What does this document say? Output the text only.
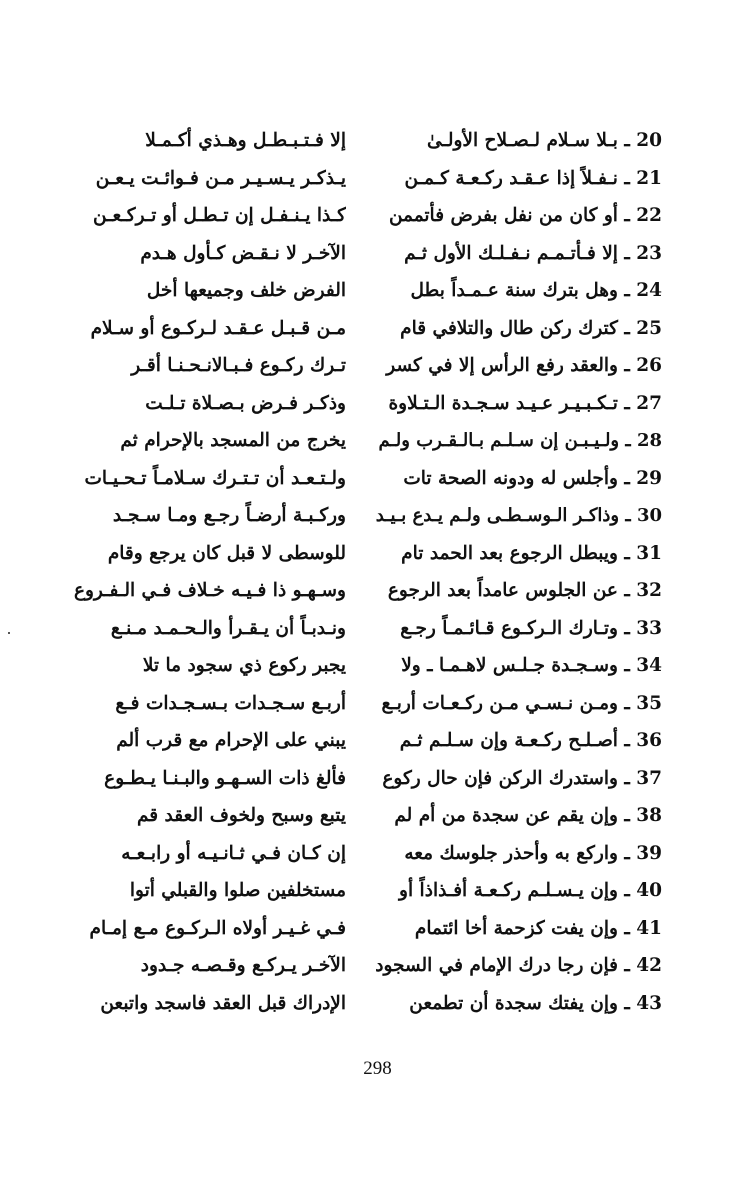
20 ـ بـلا سـلام لـصـلاح الأولـىٰ
21 ـ نـفـلاً إذا عـقـد ركـعـة كـمـن
22 ـ أو كان من نفل بفرض فأتممن
23 ـ إلا فـأتـمـم نـفـلـك الأول ثـم
24 ـ وهل بترك سنة عـمـداً بطل
25 ـ كترك ركن طال والتلافي قام
26 ـ والعقد رفع الرأس إلا في كسر
27 ـ تـكـبـيـر عـيـد سـجـدة الـتـلاوة
28 ـ ولـيـبـن إن سـلـم بـالـقـرب ولـم
29 ـ وأجلس له ودونه الصحة تات
30 ـ وذاكـر الـوسـطـى ولـم يـدع بـيـد
31 ـ ويبطل الرجوع بعد الحمد تام
32 ـ عن الجلوس عامداً بعد الرجوع
33 ـ وتـارك الـركـوع قـائـمـاً رجـع
34 ـ وسـجـدة جـلـس لاهـمـا ـ ولا
35 ـ ومـن نـسـي مـن ركـعـات أربـع
36 ـ أصـلـح ركـعـة وإن سـلـم ثـم
37 ـ واستدرك الركن فإن حال ركوع
38 ـ وإن يقم عن سجدة من أم لم
39 ـ واركع به وأحذر جلوسك معه
40 ـ وإن يـسـلـم ركـعـة أفـذاذاً أو
41 ـ وإن يفت كزحمة أخا ائتمام
42 ـ فإن رجا درك الإمام في السجود
43 ـ وإن يفتك سجدة أن تطمعن
إلا فـتـبـطـل وهـذي أكـمـلا
يـذكـر يـسـيـر مـن فـوائـت يـعـن
كـذا يـنـفـل إن تـطـل أو تـركـعـن
الآخـر لا نـقـض كـأول هـدم
الفرض خلف وجميعها أخل
مـن قـبـل عـقـد لـركـوع أو سـلام
تـرك ركـوع فـبـالانـحـنـا أقـر
وذكـر فـرض بـصـلاة تـلـت
يخرج من المسجد بالإحرام ثم
ولـتـعـد أن تـتـرك سـلامـاً تـحـيـات
وركـبـة أرضـاً رجـع ومـا سـجـد
للوسطى لا قبل كان يرجع وقام
وسـهـو ذا فـيـه خـلاف فـي الـفـروع
ونـدبـاً أن يـقـرأ والـحـمـد مـنـع
يجبر ركوع ذي سجود ما تلا
أربـع سـجـدات بـسـجـدات فـع
يبني على الإحرام مع قرب ألم
فألغ ذات السـهـو والبـنـا يـطـوع
يتبع وسبح ولخوف العقد قم
إن كـان فـي ثـانـيـه أو رابـعـه
مستخلفين صلوا والقبلي أتوا
فـي غـيـر أولاه الـركـوع مـع إمـام
الآخـر يـركـع وقـصـه جـدود
الإدراك قبل العقد فاسجد واتبعن
298
